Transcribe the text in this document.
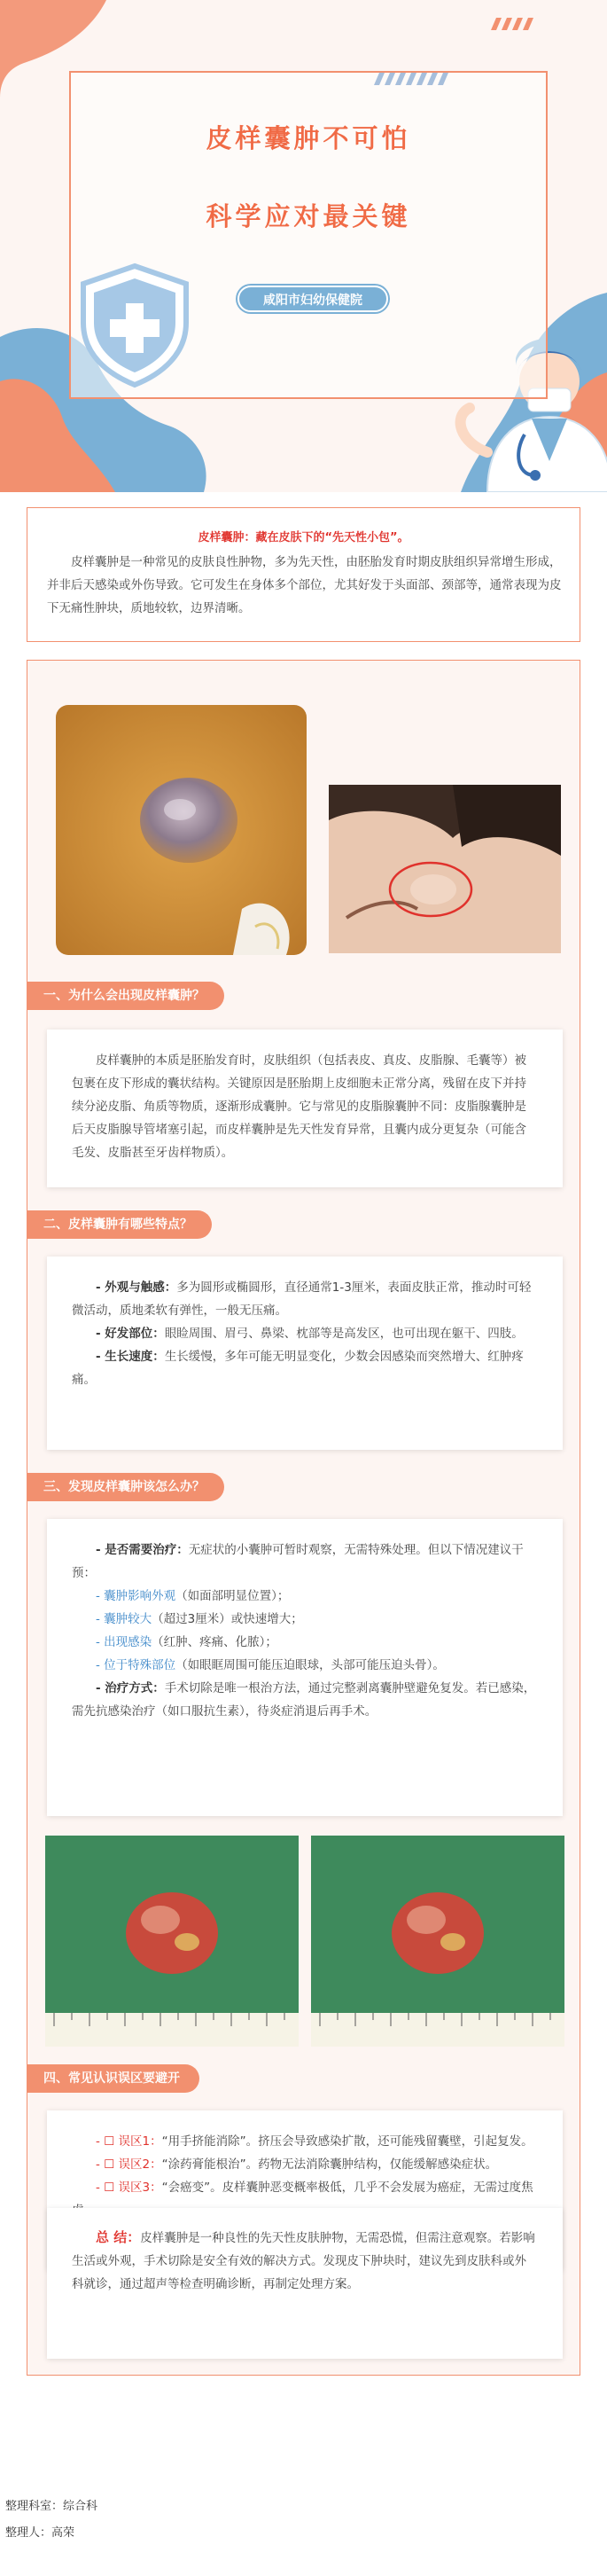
皮样囊肿不可怕
科学应对最关键
咸阳市妇幼保健院
皮样囊肿：藏在皮肤下的“先天性小包”。
皮样囊肿是一种常见的皮肤良性肿物，多为先天性，由胚胎发育时期皮肤组织异常增生形成，并非后天感染或外伤导致。它可发生在身体多个部位，尤其好发于头面部、颈部等，通常表现为皮下无痛性肿块，质地较软，边界清晰。
一、为什么会出现皮样囊肿？
皮样囊肿的本质是胚胎发育时，皮肤组织（包括表皮、真皮、皮脂腺、毛囊等）被包裹在皮下形成的囊状结构。关键原因是胚胎期上皮细胞未正常分离，残留在皮下并持续分泌皮脂、角质等物质，逐渐形成囊肿。它与常见的皮脂腺囊肿不同：皮脂腺囊肿是后天皮脂腺导管堵塞引起，而皮样囊肿是先天性发育异常，且囊内成分更复杂（可能含毛发、皮脂甚至牙齿样物质）。
二、皮样囊肿有哪些特点？
- 外观与触感：多为圆形或椭圆形，直径通常1-3厘米，表面皮肤正常，推动时可轻微活动，质地柔软有弹性，一般无压痛。
- 好发部位：眼睑周围、眉弓、鼻梁、枕部等是高发区，也可出现在躯干、四肢。
- 生长速度：生长缓慢，多年可能无明显变化，少数会因感染而突然增大、红肿疼痛。
三、发现皮样囊肿该怎么办？
- 是否需要治疗：无症状的小囊肿可暂时观察，无需特殊处理。但以下情况建议干预：
- 囊肿影响外观（如面部明显位置）；
- 囊肿较大（超过3厘米）或快速增大；
- 出现感染（红肿、疼痛、化脓）；
- 位于特殊部位（如眼眶周围可能压迫眼球，头部可能压迫头骨）。
- 治疗方式：手术切除是唯一根治方法，通过完整剥离囊肿壁避免复发。若已感染，需先抗感染治疗（如口服抗生素），待炎症消退后再手术。
四、常见认识误区要避开
- ☐ 误区1：“用手挤能消除”。挤压会导致感染扩散，还可能残留囊壁，引起复发。
- ☐ 误区2：“涂药膏能根治”。药物无法消除囊肿结构，仅能缓解感染症状。
- ☐ 误区3：“会癌变”。皮样囊肿恶变概率极低，几乎不会发展为癌症，无需过度焦
总 结：皮样囊肿是一种良性的先天性皮肤肿物，无需恐慌，但需注意观察。若影响生活或外观，手术切除是安全有效的解决方式。发现皮下肿块时，建议先到皮肤科或外科就诊，通过超声等检查明确诊断，再制定处理方案。
整理科室：综合科
整理人：高荣
